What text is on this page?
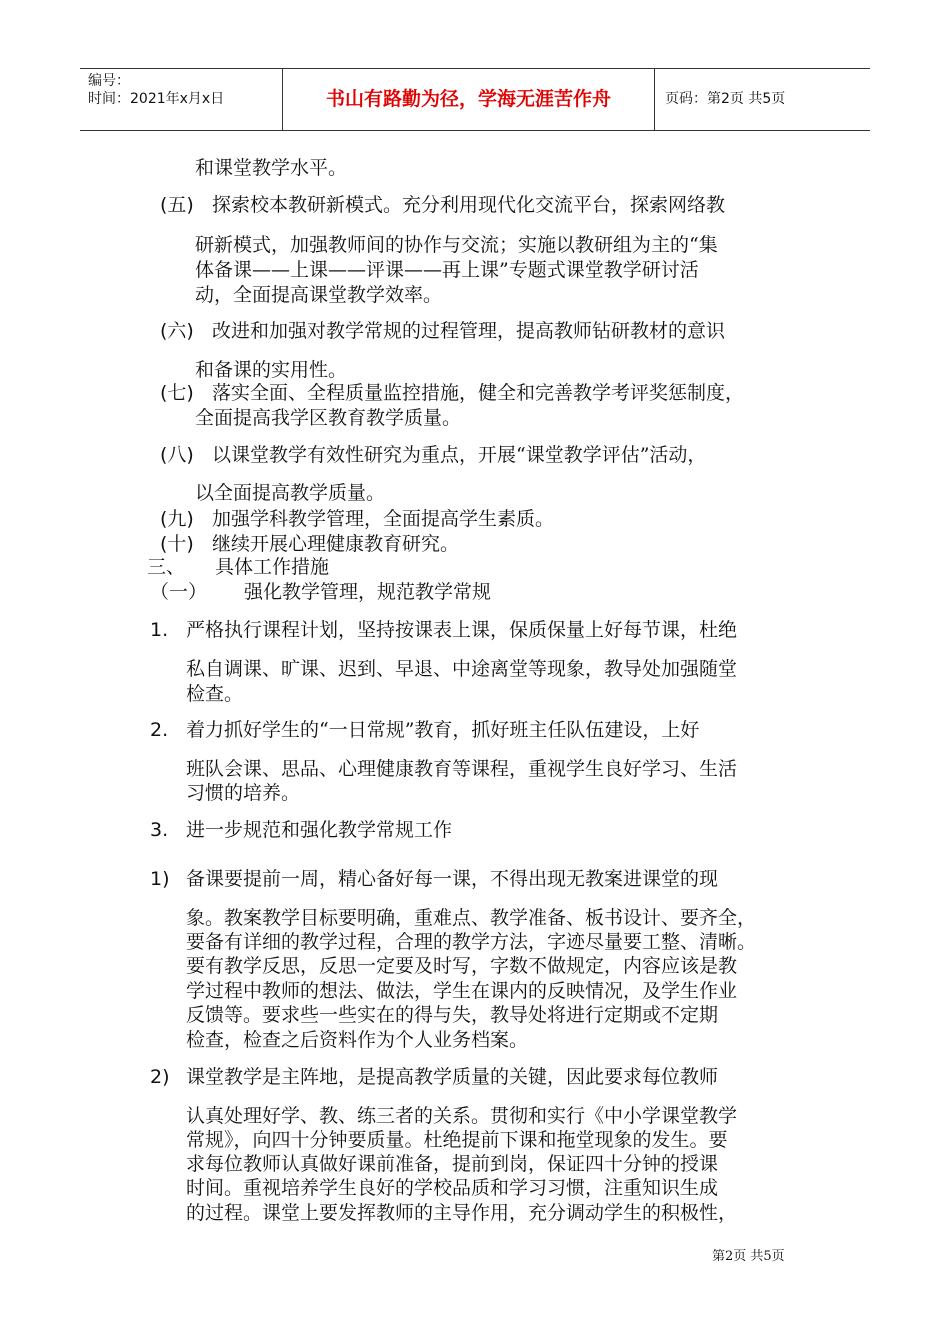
编号：
时间：2021年x月x日	书山有路勤为径，学海无涯苦作舟	页码：第2页 共5页
和课堂教学水平。
(五) 探索校本教研新模式。充分利用现代化交流平台，探索网络教
研新模式，加强教师间的协作与交流；实施以教研组为主的“集
体备课——上课——评课——再上课”专题式课堂教学研讨活
动，全面提高课堂教学效率。
(六) 改进和加强对教学常规的过程管理，提高教师钻研教材的意识
和备课的实用性。
(七) 落实全面、全程质量监控措施，健全和完善教学考评奖惩制度，
全面提高我学区教育教学质量。
(八) 以课堂教学有效性研究为重点，开展“课堂教学评估”活动，
以全面提高教学质量。
(九) 加强学科教学管理，全面提高学生素质。
(十) 继续开展心理健康教育研究。
三、 具体工作措施
（一） 强化教学管理，规范教学常规
1. 严格执行课程计划，坚持按课表上课，保质保量上好每节课，杜绝
私自调课、旷课、迟到、早退、中途离堂等现象，教导处加强随堂
检查。
2. 着力抓好学生的“一日常规”教育，抓好班主任队伍建设，上好
班队会课、思品、心理健康教育等课程，重视学生良好学习、生活
习惯的培养。
3. 进一步规范和强化教学常规工作
1) 备课要提前一周，精心备好每一课，不得出现无教案进课堂的现
象。教案教学目标要明确，重难点、教学准备、板书设计、要齐全，
要备有详细的教学过程，合理的教学方法，字迹尽量要工整、清晰。
要有教学反思，反思一定要及时写，字数不做规定，内容应该是教
学过程中教师的想法、做法，学生在课内的反映情况，及学生作业
反馈等。要求些一些实在的得与失，教导处将进行定期或不定期
检查，检查之后资料作为个人业务档案。
2) 课堂教学是主阵地，是提高教学质量的关键，因此要求每位教师
认真处理好学、教、练三者的关系。贯彻和实行《中小学课堂教学
常规》，向四十分钟要质量。杜绝提前下课和拖堂现象的发生。要
求每位教师认真做好课前准备，提前到岗，保证四十分钟的授课
时间。重视培养学生良好的学校品质和学习习惯，注重知识生成
的过程。课堂上要发挥教师的主导作用，充分调动学生的积极性，
第2页 共5页
